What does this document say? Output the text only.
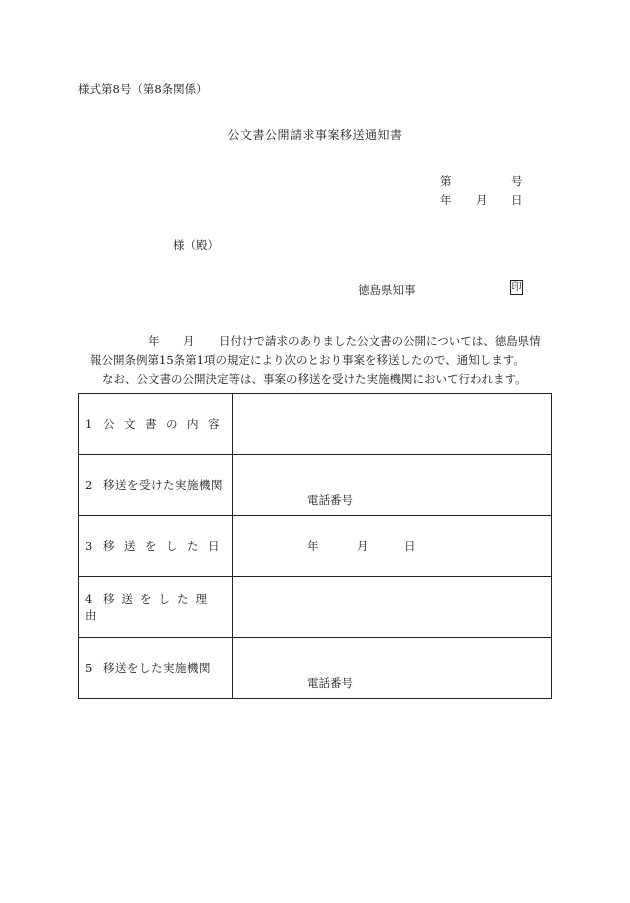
様式第8号（第8条関係）
公文書公開請求事案移送通知書
第	号
年 月 日
様（殿）
徳島県知事	印
年 月 日付けで請求のありました公文書の公開については、徳島県情
報公開条例第15条第1項の規定により次のとおり事案を移送したので、通知します。
なお、公文書の公開決定等は、事案の移送を受けた実施機関において行われます。
1 公文書の内容	
2 移送を受けた実施機関	電話番号

3 移送をした日	年 月 日

4 移送をした理由	
5 移送をした実施機関	電話番号
